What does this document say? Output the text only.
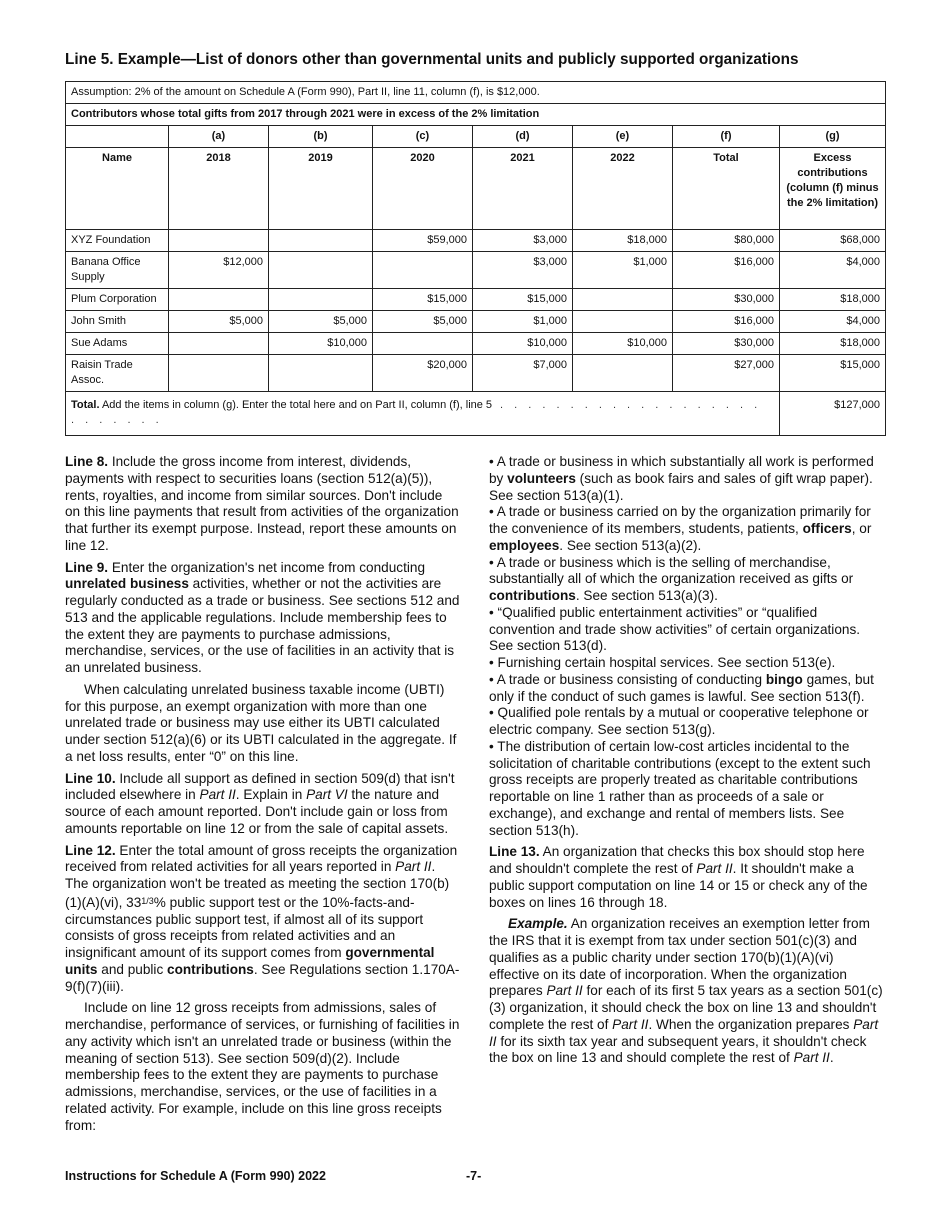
Line 5. Example—List of donors other than governmental units and publicly supported organizations
Assumption: 2% of the amount on Schedule A (Form 990), Part II, line 11, column (f), is $12,000.							
Contributors whose total gifts from 2017 through 2021 were in excess of the 2% limitation							
	(a)	(b)	(c)	(d)	(e)	(f)	(g)
Name	2018	2019	2020	2021	2022	Total	Excess contributions (column (f) minus the 2% limitation)
XYZ Foundation			$59,000	$3,000	$18,000	$80,000	$68,000
Banana Office Supply	$12,000			$3,000	$1,000	$16,000	$4,000
Plum Corporation			$15,000	$15,000		$30,000	$18,000
John Smith	$5,000	$5,000	$5,000	$1,000		$16,000	$4,000
Sue Adams		$10,000		$10,000	$10,000	$30,000	$18,000
Raisin Trade Assoc.			$20,000	$7,000		$27,000	$15,000
Total. Add the items in column (g). Enter the total here and on Part II, column (f), line 5 . . . . . . . . . . . . . . . . . . . . . . . . . .							$127,000

Line 8. Include the gross income from interest, dividends, payments with respect to securities loans (section 512(a)(5)), rents, royalties, and income from similar sources. Don't include on this line payments that result from activities of the organization that further its exempt purpose. Instead, report these amounts on line 12.

Line 9. Enter the organization's net income from conducting unrelated business activities, whether or not the activities are regularly conducted as a trade or business. See sections 512 and 513 and the applicable regulations. Include membership fees to the extent they are payments to purchase admissions, merchandise, services, or the use of facilities in an activity that is an unrelated business.

When calculating unrelated business taxable income (UBTI) for this purpose, an exempt organization with more than one unrelated trade or business may use either its UBTI calculated under section 512(a)(6) or its UBTI calculated in the aggregate. If a net loss results, enter “0” on this line.

Line 10. Include all support as defined in section 509(d) that isn't included elsewhere in Part II. Explain in Part VI the nature and source of each amount reported. Don't include gain or loss from amounts reportable on line 12 or from the sale of capital assets.

Line 12. Enter the total amount of gross receipts the organization received from related activities for all years reported in Part II. The organization won't be treated as meeting the section 170(b)(1)(A)(vi), $33^{1/3}\%$ public support test or the 10%-facts-and-circumstances public support test, if almost all of its support consists of gross receipts from related activities and an insignificant amount of its support comes from governmental units and public contributions. See Regulations section 1.170A-9(f)(7)(iii).

Include on line 12 gross receipts from admissions, sales of merchandise, performance of services, or furnishing of facilities in any activity which isn't an unrelated trade or business (within the meaning of section 513). See section 509(d)(2). Include membership fees to the extent they are payments to purchase admissions, merchandise, services, or the use of facilities in a related activity. For example, include on this line gross receipts from:

• A trade or business in which substantially all work is performed by volunteers (such as book fairs and sales of gift wrap paper). See section 513(a)(1).

• A trade or business carried on by the organization primarily for the convenience of its members, students, patients, officers, or employees. See section 513(a)(2).

• A trade or business which is the selling of merchandise, substantially all of which the organization received as gifts or contributions. See section 513(a)(3).

• “Qualified public entertainment activities” or “qualified convention and trade show activities” of certain organizations. See section 513(d).

• Furnishing certain hospital services. See section 513(e).

• A trade or business consisting of conducting bingo games, but only if the conduct of such games is lawful. See section 513(f).

• Qualified pole rentals by a mutual or cooperative telephone or electric company. See section 513(g).

• The distribution of certain low-cost articles incidental to the solicitation of charitable contributions (except to the extent such gross receipts are properly treated as charitable contributions reportable on line 1 rather than as proceeds of a sale or exchange), and exchange and rental of members lists. See section 513(h).

Line 13. An organization that checks this box should stop here and shouldn't complete the rest of Part II. It shouldn't make a public support computation on line 14 or 15 or check any of the boxes on lines 16 through 18.

Example. An organization receives an exemption letter from the IRS that it is exempt from tax under section 501(c)(3) and qualifies as a public charity under section 170(b)(1)(A)(vi) effective on its date of incorporation. When the organization prepares Part II for each of its first 5 tax years as a section 501(c)(3) organization, it should check the box on line 13 and shouldn't complete the rest of Part II. When the organization prepares Part II for its sixth tax year and subsequent years, it shouldn't check the box on line 13 and should complete the rest of Part II.

Instructions for Schedule A (Form 990) 2022	-7-
